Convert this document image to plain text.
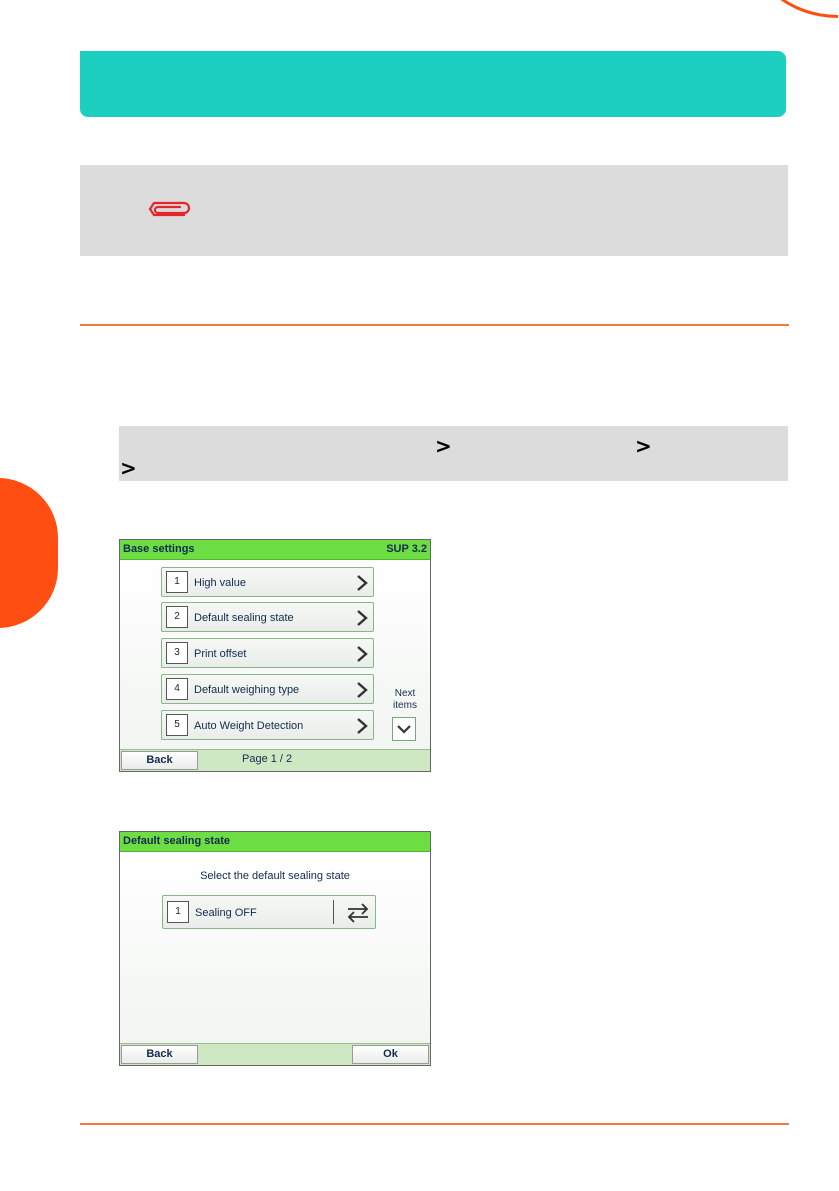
>	>
>
Base settings	SUP 3.2
1	High value
2	Default sealing state
3	Print offset
4	Default weighing type
5	Auto Weight Detection
Next
items
Back	Page 1 / 2
Default sealing state
Select the default sealing state
1	Sealing OFF
Back	Ok
